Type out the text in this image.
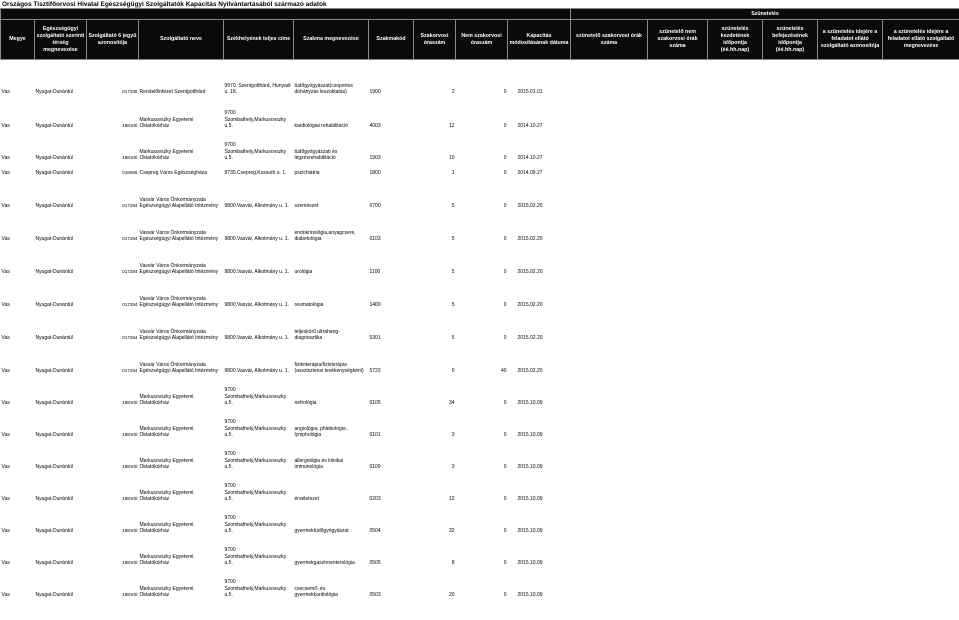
Országos Tisztifőorvosi Hivatal Egészségügyi Szolgáltatók Kapacitás Nyilvántartásából származó adatok
										Szünetelés					
Megye	Egészségügyi szolgáltató szerinti térség megnevezése	Szolgáltató 6 jegyű azonosítója	Szolgáltató neve	Székhelyének teljes címe	Szakma megnevezése	Szakmakód	Szakorvosi óraszám	Nem szakorvosi óraszám	Kapacitás módosításának dátuma	szünetelő szakorvosi órák száma	szünetelő nem szakorvosi órák száma	szünetelés kezdetének időpontja (éé.hh.nap)	szünetelés befejezésének időpontja (éé.hh.nap)	a szünetelés idejére a feladatot ellátó szolgáltató azonosítója	a szünetelés idejére a feladatot ellátó szolgáltató megnevezése
Vas	Nyugat-Dunántúl	017338	Rendelőintézet Szentgotthárd	9970. Szentgotthárd, Hunyadi u. 18.	tüdőgyógyászat(csoportos dohányzás leszoktatás)	1900	2	0	2015.01.01						
Vas	Nyugat-Dunántúl	188100	Markusovszky Egyetemi Oktatókórház	9700 Szombathely,Markusovszky u.5.	kardiológiai rehabilitáció	4003	12	0	2014.10.27						
Vas	Nyugat-Dunántúl	188100	Markusovszky Egyetemi Oktatókórház	9700 Szombathely,Markusovszky u.5.	tüdőgyógyászati és légzésrehabilitáció	1903	10	0	2014.10.27						
Vas	Nyugat-Dunántúl	016586	Csepreg Város Egészségháza	9735.Csepreg,Kossuth u. 1.	pszichiátria	1800	1	0	2014.09.27						
Vas	Nyugat-Dunántúl	017284	Vasvár Város Önkormányzata Egészségügyi Alapellátó Intézmény	9800.Vasvár, Alkotmány u. 1.	szemészet	0700	5	0	2015.02.20						
Vas	Nyugat-Dunántúl	017284	Vasvár Város Önkormányzata Egészségügyi Alapellátó Intézmény	9800.Vasvár, Alkotmány u. 1.	endokrinológia,anyagcsere, diabetológia	0103	5	0	2015.02.20						
Vas	Nyugat-Dunántúl	017284	Vasvár Város Önkormányzata Egészségügyi Alapellátó Intézmény	9800.Vasvár, Alkotmány u. 1.	urológia	1100	5	0	2015.02.20						
Vas	Nyugat-Dunántúl	017284	Vasvár Város Önkormányzata Egészségügyi Alapellátó Intézmény	9800.Vasvár, Alkotmány u. 1.	reumatológia	1400	5	0	2015.02.20						
Vas	Nyugat-Dunántúl	017284	Vasvár Város Önkormányzata Egészségügyi Alapellátó Intézmény	9800.Vasvár, Alkotmány u. 1.	teljeskörű ultrahang-diagnosztika	5301	5	0	2015.02.20						
Vas	Nyugat-Dunántúl	017284	Vasvár Város Önkormányzata Egészségügyi Alapellátó Intézmény	9800.Vasvár, Alkotmány u. 1.	fizikoterápia/fizioterápia (asszisztensi tevékenységként)	5722	0	40	2015.02.20						
Vas	Nyugat-Dunántúl	188100	Markusovszky Egyetemi Oktatókórház	9700 Szombathely,Markusovszky u.5.	nefrológia	0105	34	0	2015.10.09						
Vas	Nyugat-Dunántúl	188100	Markusovszky Egyetemi Oktatókórház	9700 Szombathely,Markusovszky u.5.	angiológia, phlebológia , lymphológia	0101	3	0	2015.10.09						
Vas	Nyugat-Dunántúl	188100	Markusovszky Egyetemi Oktatókórház	9700 Szombathely,Markusovszky u.5.	allergológia és klinikai immunológia	0109	3	0	2015.10.09						
Vas	Nyugat-Dunántúl	188100	Markusovszky Egyetemi Oktatókórház	9700 Szombathely,Markusovszky u.5.	érsebészet	0203	12	0	2015.10.09						
Vas	Nyugat-Dunántúl	188100	Markusovszky Egyetemi Oktatókórház	9700 Szombathely,Markusovszky u.5.	gyermektüdőgyógyászat	0504	32	0	2015.10.09						
Vas	Nyugat-Dunántúl	188100	Markusovszky Egyetemi Oktatókórház	9700 Szombathely,Markusovszky u.5.	gyermekgasztroenterológia	0505	8	0	2015.10.09						
Vas	Nyugat-Dunántúl	188100	Markusovszky Egyetemi Oktatókórház	9700 Szombathely,Markusovszky u.5.	csecsemő- és gyermekkardiológia	0503	20	0	2015.10.09						
